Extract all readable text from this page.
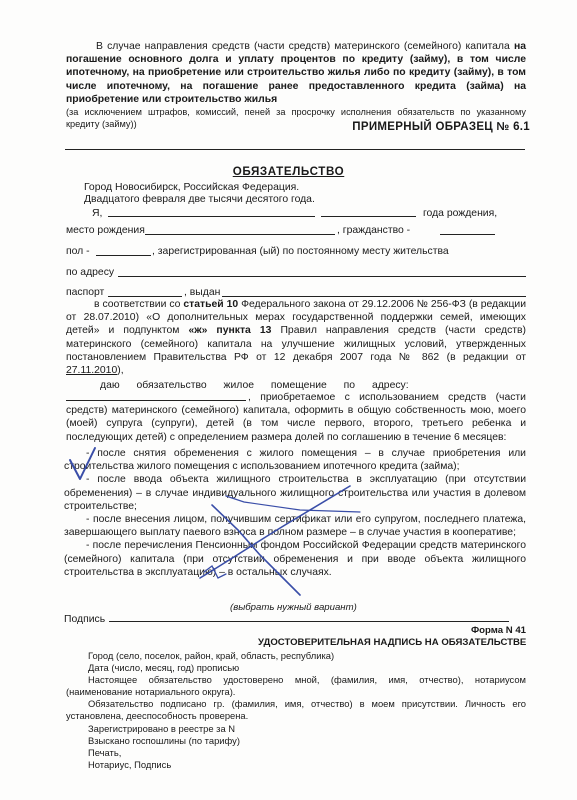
В случае направления средств (части средств) материнского (семейного) капитала на погашение основного долга и уплату процентов по кредиту (займу), в том числе ипотечному, на приобретение или строительство жилья либо по кредиту (займу), в том числе ипотечному, на погашение ранее предоставленного кредита (займа) на приобретение или строительство жилья

(за исключением штрафов, комиссий, пеней за просрочку исполнения обязательств по указанному кредиту (займу))	ПРИМЕРНЫЙ ОБРАЗЕЦ № 6.1
ОБЯЗАТЕЛЬСТВО

Город Новосибирск, Российская Федерация.

Двадцатого февраля две тысячи десятого года.

Я,	года рождения,

место рождения	, гражданство -

пол -	, зарегистрированная (ый) по постоянному месту жительства

по адресу

паспорт	, выдан

в соответствии со статьей 10 Федерального закона от 29.12.2006 № 256-ФЗ (в редакции от 28.07.2010) «О дополнительных мерах государственной поддержки семей, имеющих детей» и подпунктом «ж» пункта 13 Правил направления средств (части средств) материнского (семейного) капитала на улучшение жилищных условий, утвержденных постановлением Правительства РФ от 12 декабря 2007 года № 862 (в редакции от 27.11.2010),

даю обязательство жилое помещение по адресу:

, приобретаемое с использованием средств (части средств) материнского (семейного) капитала, оформить в общую собственность мою, моего (моей) супруга (супруги), детей (в том числе первого, второго, третьего ребенка и последующих детей) с определением размера долей по соглашению в течение 6 месяцев:

- после снятия обременения с жилого помещения – в случае приобретения или строительства жилого помещения с использованием ипотечного кредита (займа);

- после ввода объекта жилищного строительства в эксплуатацию (при отсутствии обременения) – в случае индивидуального жилищного строительства или участия в долевом строительстве;

- после внесения лицом, получившим сертификат или его супругом, последнего платежа, завершающего выплату паевого взноса в полном размере – в случае участия в кооперативе;

- после перечисления Пенсионным фондом Российской Федерации средств материнского (семейного) капитала (при отсутствии обременения и при вводе объекта жилищного строительства в эксплуатацию) – в остальных случаях.

(выбрать нужный вариант)
Подпись
Форма N 41
УДОСТОВЕРИТЕЛЬНАЯ НАДПИСЬ НА ОБЯЗАТЕЛЬСТВЕ

Город (село, поселок, район, край, область, республика)

Дата (число, месяц, год) прописью

Настоящее обязательство удостоверено мной, (фамилия, имя, отчество), нотариусом (наименование нотариального округа).

Обязательство подписано гр. (фамилия, имя, отчество) в моем присутствии. Личность его установлена, дееспособность проверена.

Зарегистрировано в реестре за N

Взыскано госпошлины (по тарифу)

Печать,

Нотариус, Подпись
